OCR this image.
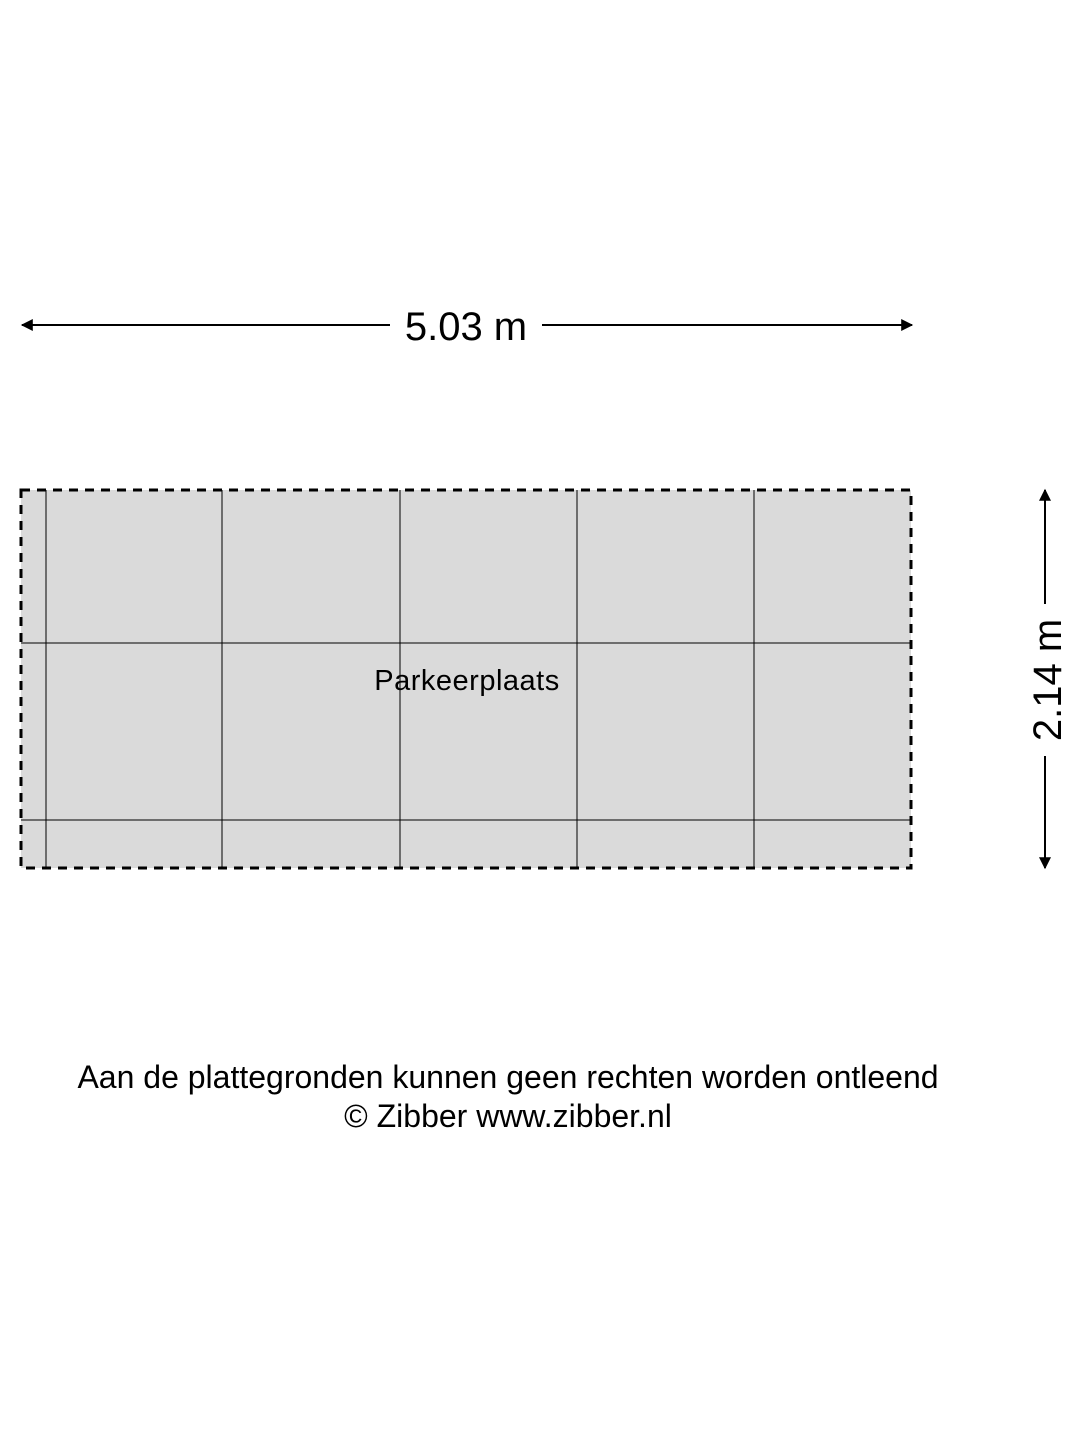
5.03 m
Parkeerplaats	2.14 m
Aan de plattegronden kunnen geen rechten worden ontleend
© Zibber www.zibber.nl
